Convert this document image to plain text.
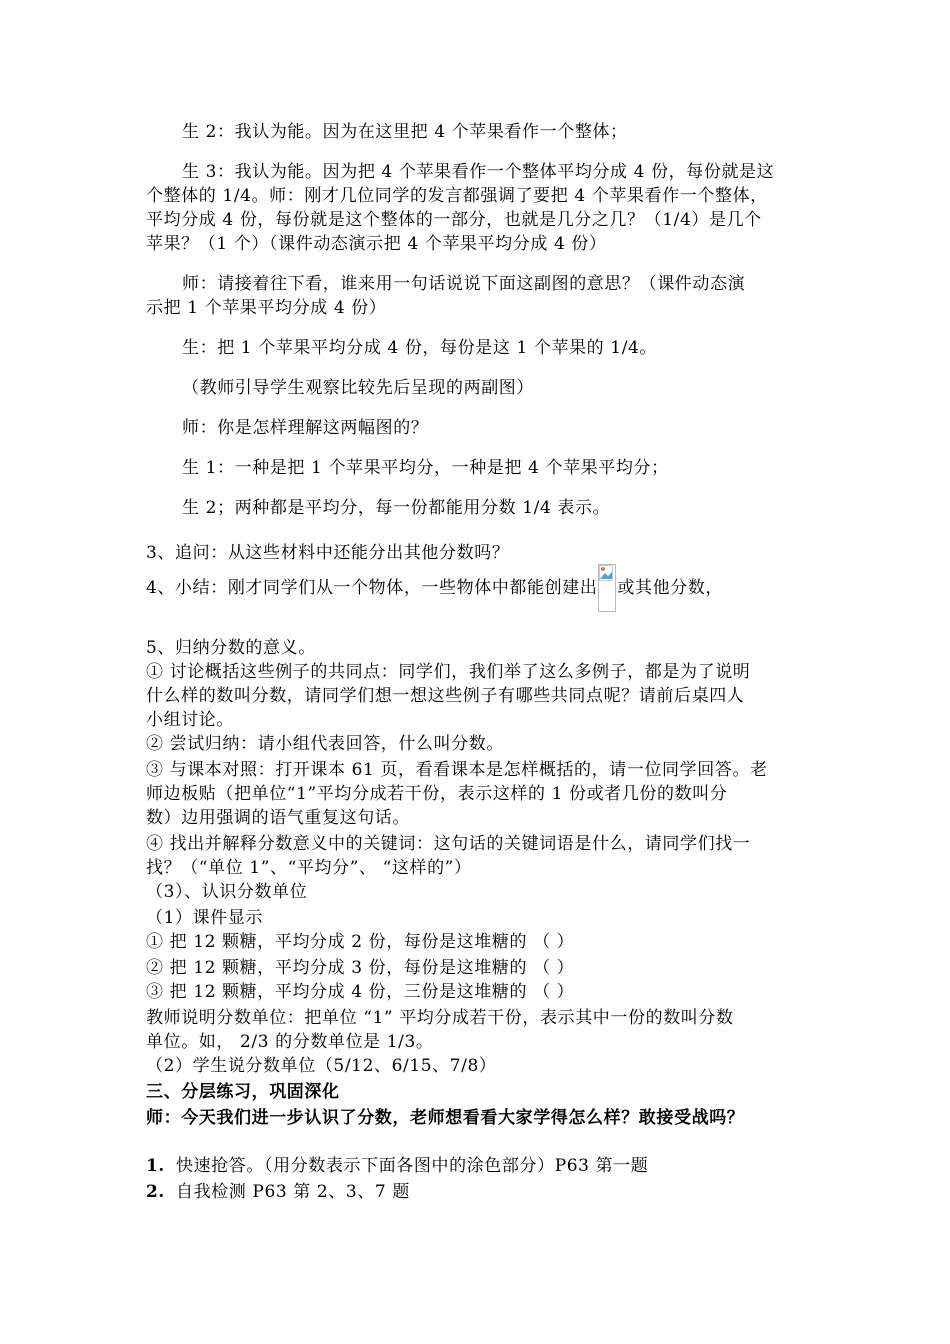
生 2：我认为能。因为在这里把 4 个苹果看作一个整体；
生 3：我认为能。因为把 4 个苹果看作一个整体平均分成 4 份，每份就是这
个整体的 1/4。师：刚才几位同学的发言都强调了要把 4 个苹果看作一个整体，
平均分成 4 份，每份就是这个整体的一部分，也就是几分之几？（1/4）是几个
苹果？（1 个）（课件动态演示把 4 个苹果平均分成 4 份）
师：请接着往下看，谁来用一句话说说下面这副图的意思？（课件动态演
示把 1 个苹果平均分成 4 份）
生：把 1 个苹果平均分成 4 份，每份是这 1 个苹果的 1/4。
（教师引导学生观察比较先后呈现的两副图）
师：你是怎样理解这两幅图的？
生 1：一种是把 1 个苹果平均分，一种是把 4 个苹果平均分；
生 2；两种都是平均分，每一份都能用分数 1/4 表示。
3、追问：从这些材料中还能分出其他分数吗？
4、小结：刚才同学们从一个物体，一些物体中都能创建出 或其他分数，
5、归纳分数的意义。
① 讨论概括这些例子的共同点：同学们，我们举了这么多例子，都是为了说明
什么样的数叫分数，请同学们想一想这些例子有哪些共同点呢？请前后桌四人
小组讨论。
② 尝试归纳：请小组代表回答，什么叫分数。
③ 与课本对照：打开课本 61 页，看看课本是怎样概括的，请一位同学回答。老
师边板贴（把单位“1”平均分成若干份，表示这样的 1 份或者几份的数叫分
数）边用强调的语气重复这句话。
④ 找出并解释分数意义中的关键词：这句话的关键词语是什么，请同学们找一
找？（“单位 1”、“平均分”、 “这样的”）
（3）、认识分数单位
（1）课件显示
① 把 12 颗糖，平均分成 2 份，每份是这堆糖的 （ ）
② 把 12 颗糖，平均分成 3 份，每份是这堆糖的 （ ）
③ 把 12 颗糖，平均分成 4 份，三份是这堆糖的 （ ）
教师说明分数单位：把单位 “1” 平均分成若干份，表示其中一份的数叫分数
单位。如， 2/3 的分数单位是 1/3。
（2）学生说分数单位（5/12、6/15、7/8）
三、分层练习，巩固深化
师：今天我们进一步认识了分数，老师想看看大家学得怎么样？敢接受战吗？
1. 快速抢答。（用分数表示下面各图中的涂色部分）P63 第一题
2. 自我检测 P63 第 2、3、7 题
